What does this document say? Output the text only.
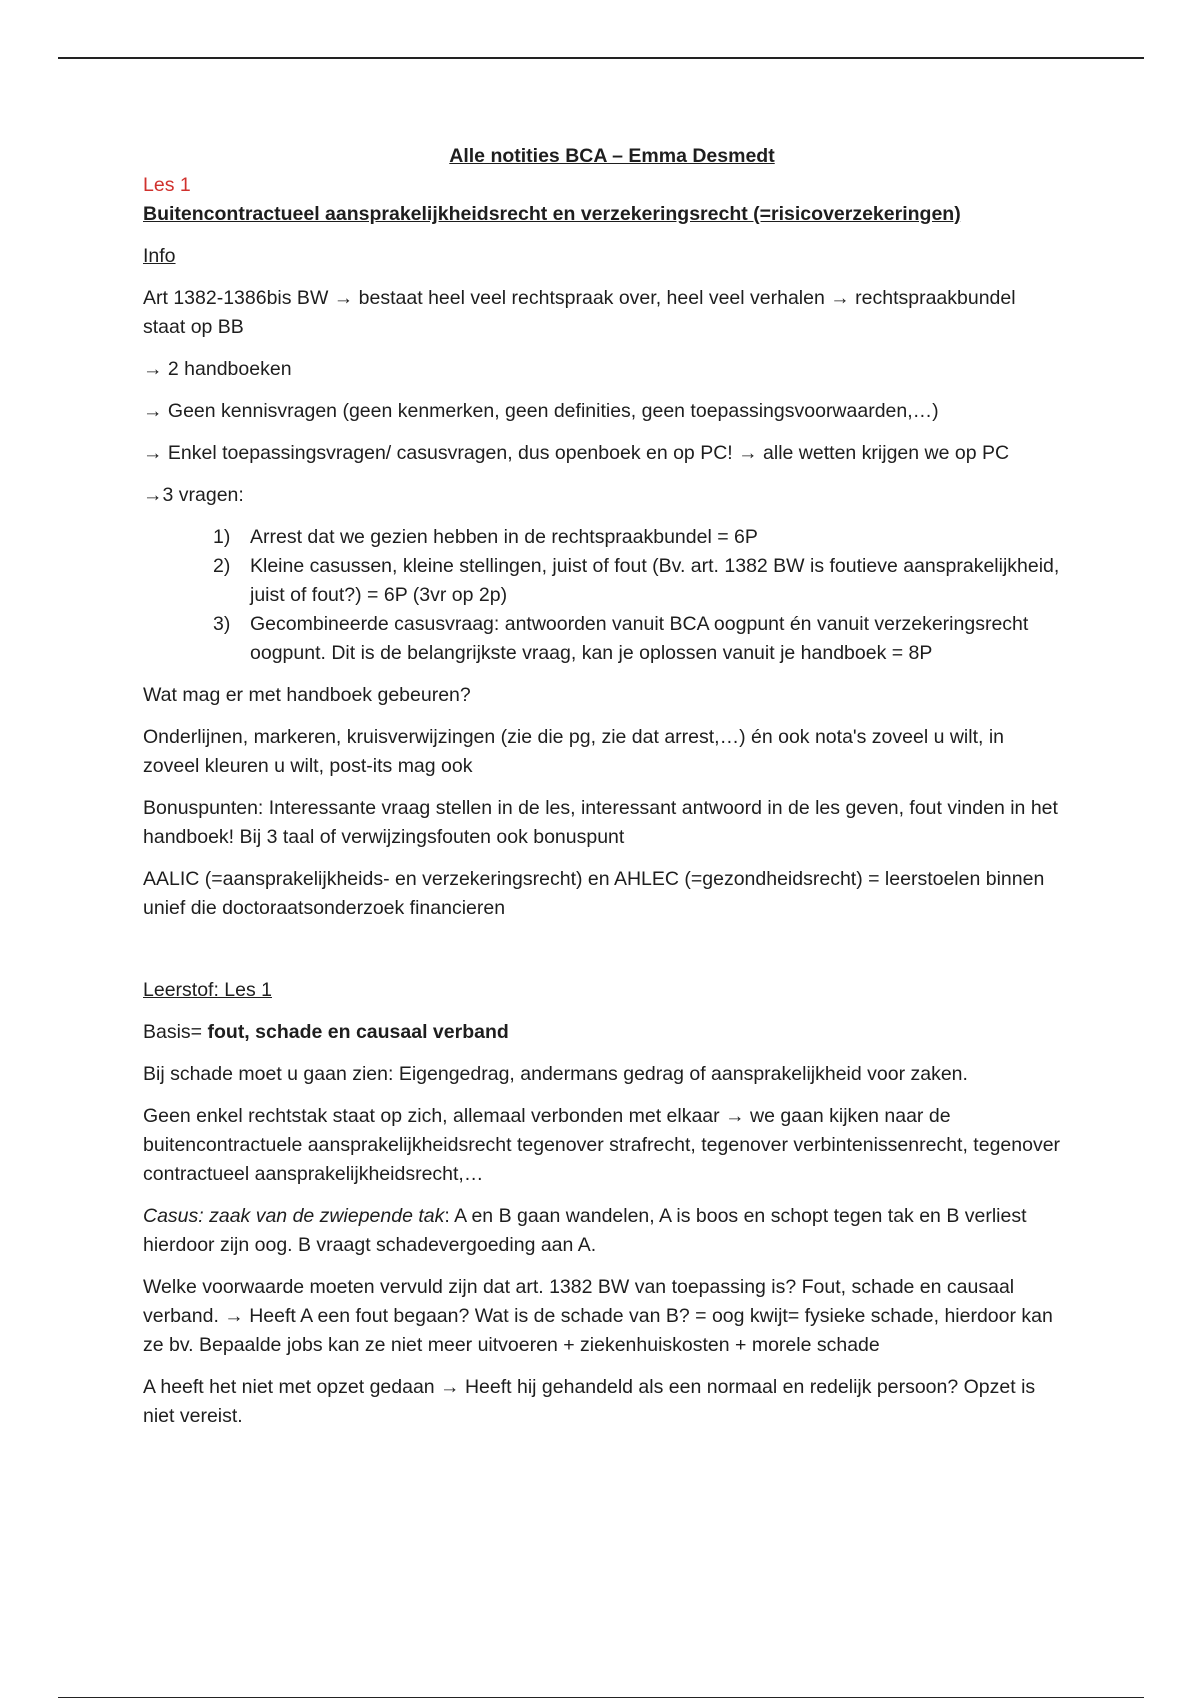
Alle notities BCA – Emma Desmedt

Les 1

Buitencontractueel aansprakelijkheidsrecht en verzekeringsrecht (=risicoverzekeringen)

Info

Art 1382-1386bis BW → bestaat heel veel rechtspraak over, heel veel verhalen → rechtspraakbundel staat op BB

→ 2 handboeken

→ Geen kennisvragen (geen kenmerken, geen definities, geen toepassingsvoorwaarden,…)

→ Enkel toepassingsvragen/ casusvragen, dus openboek en op PC! → alle wetten krijgen we op PC

→3 vragen:

1) Arrest dat we gezien hebben in de rechtspraakbundel = 6P
2) Kleine casussen, kleine stellingen, juist of fout (Bv. art. 1382 BW is foutieve aansprakelijkheid, juist of fout?) = 6P (3vr op 2p)
3) Gecombineerde casusvraag: antwoorden vanuit BCA oogpunt én vanuit verzekeringsrecht oogpunt. Dit is de belangrijkste vraag, kan je oplossen vanuit je handboek = 8P

Wat mag er met handboek gebeuren?

Onderlijnen, markeren, kruisverwijzingen (zie die pg, zie dat arrest,…) én ook nota's zoveel u wilt, in zoveel kleuren u wilt, post-its mag ook

Bonuspunten: Interessante vraag stellen in de les, interessant antwoord in de les geven, fout vinden in het handboek! Bij 3 taal of verwijzingsfouten ook bonuspunt

AALIC (=aansprakelijkheids- en verzekeringsrecht) en AHLEC (=gezondheidsrecht) = leerstoelen binnen unief die doctoraatsonderzoek financieren

Leerstof: Les 1

Basis= fout, schade en causaal verband

Bij schade moet u gaan zien: Eigengedrag, andermans gedrag of aansprakelijkheid voor zaken.

Geen enkel rechtstak staat op zich, allemaal verbonden met elkaar → we gaan kijken naar de buitencontractuele aansprakelijkheidsrecht tegenover strafrecht, tegenover verbintenissenrecht, tegenover contractueel aansprakelijkheidsrecht,…

Casus: zaak van de zwiepende tak: A en B gaan wandelen, A is boos en schopt tegen tak en B verliest hierdoor zijn oog. B vraagt schadevergoeding aan A.

Welke voorwaarde moeten vervuld zijn dat art. 1382 BW van toepassing is? Fout, schade en causaal verband. → Heeft A een fout begaan? Wat is de schade van B? = oog kwijt= fysieke schade, hierdoor kan ze bv. Bepaalde jobs kan ze niet meer uitvoeren + ziekenhuiskosten + morele schade

A heeft het niet met opzet gedaan → Heeft hij gehandeld als een normaal en redelijk persoon? Opzet is niet vereist.
